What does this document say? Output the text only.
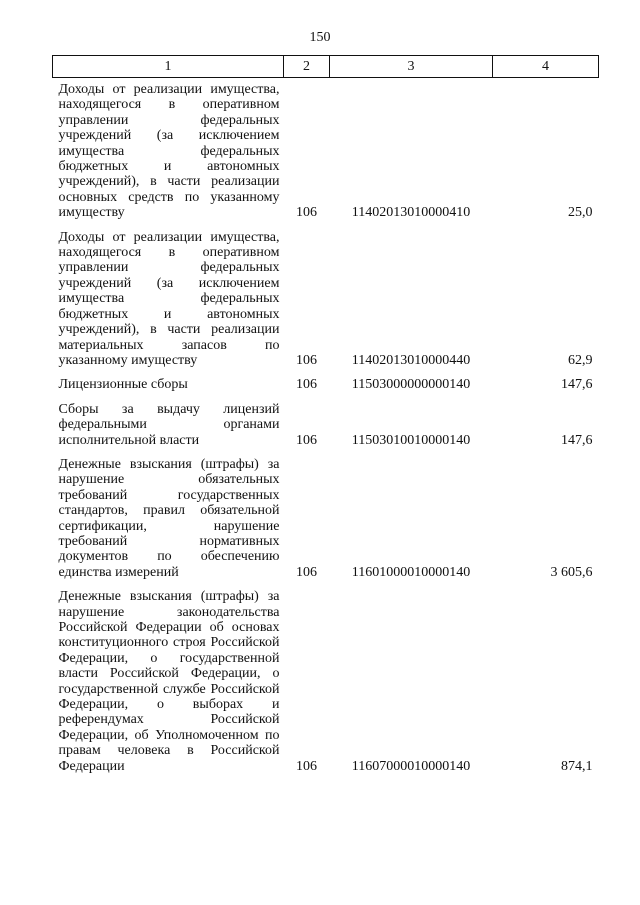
150
1	2	3	4
Доходы от реализации имущества, находящегося в оперативном управлении федеральных учреждений (за исключением имущества федеральных бюджетных и автономных учреждений), в части реализации основных средств по указанному имуществу	106	11402013010000410	25,0
Доходы от реализации имущества, находящегося в оперативном управлении федеральных учреждений (за исключением имущества федеральных бюджетных и автономных учреждений), в части реализации материальных запасов по указанному имуществу	106	11402013010000440	62,9
Лицензионные сборы	106	11503000000000140	147,6
Сборы за выдачу лицензий федеральными органами исполнительной власти	106	11503010010000140	147,6
Денежные взыскания (штрафы) за нарушение обязательных требований государственных стандартов, правил обязательной сертификации, нарушение требований нормативных документов по обеспечению единства измерений	106	11601000010000140	3 605,6
Денежные взыскания (штрафы) за нарушение законодательства Российской Федерации об основах конституционного строя Российской Федерации, о государственной власти Российской Федерации, о государственной службе Российской Федерации, о выборах и референдумах Российской Федерации, об Уполномоченном по правам человека в Российской Федерации	106	11607000010000140	874,1
